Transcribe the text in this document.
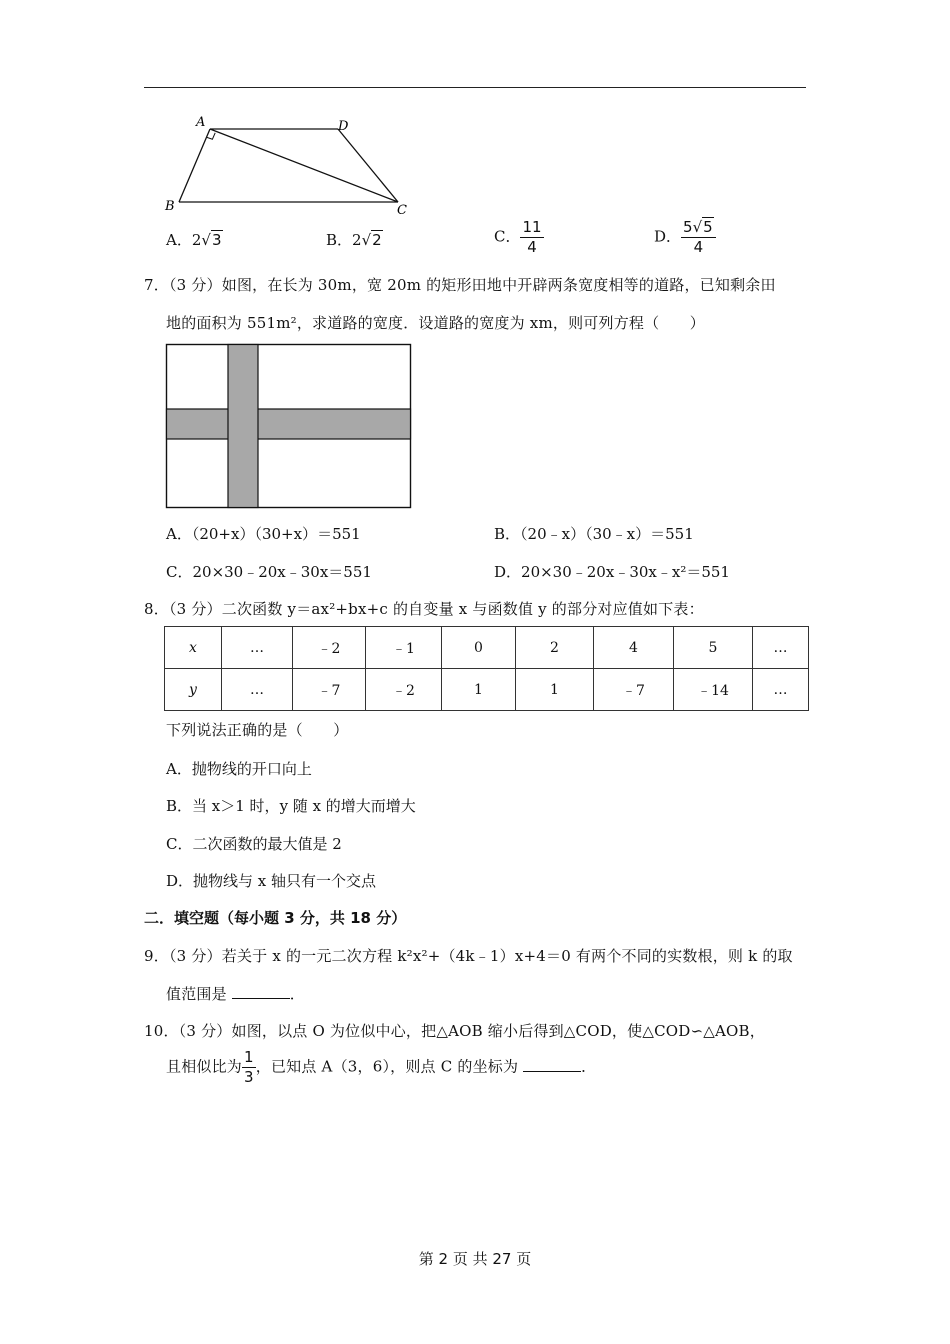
A	D
B	C
A．2√3	B．2√2	C． $\frac{11}{4}$	D． $\frac{5√5}{4}$
7．（3 分）如图，在长为 30m，宽 20m 的矩形田地中开辟两条宽度相等的道路，已知剩余田
地的面积为 551m²，求道路的宽度．设道路的宽度为 xm，则可列方程（　　）
A．（20+x）（30+x）＝551	B．（20﹣x）（30﹣x）＝551
C．20×30﹣20x﹣30x＝551	D．20×30﹣20x﹣30x﹣x²＝551
8．（3 分）二次函数 y＝ax²+bx+c 的自变量 x 与函数值 y 的部分对应值如下表：
x	…	﹣2	﹣1	0	2	4	5	…
y	…	﹣7	﹣2	1	1	﹣7	﹣14	…
下列说法正确的是（　　）
A．抛物线的开口向上
B．当 x＞1 时，y 随 x 的增大而增大
C．二次函数的最大值是 2
D．抛物线与 x 轴只有一个交点
二．填空题（每小题 3 分，共 18 分）
9．（3 分）若关于 x 的一元二次方程 k²x²+（4k﹣1）x+4＝0 有两个不同的实数根，则 k 的取
值范围是	．
10．（3 分）如图，以点 O 为位似中心，把△AOB 缩小后得到△COD，使△COD∽△AOB，
且相似比为 $\frac{1}{3}$ ，已知点 A（3，6），则点 C 的坐标为	．
第 2 页 共 27 页
